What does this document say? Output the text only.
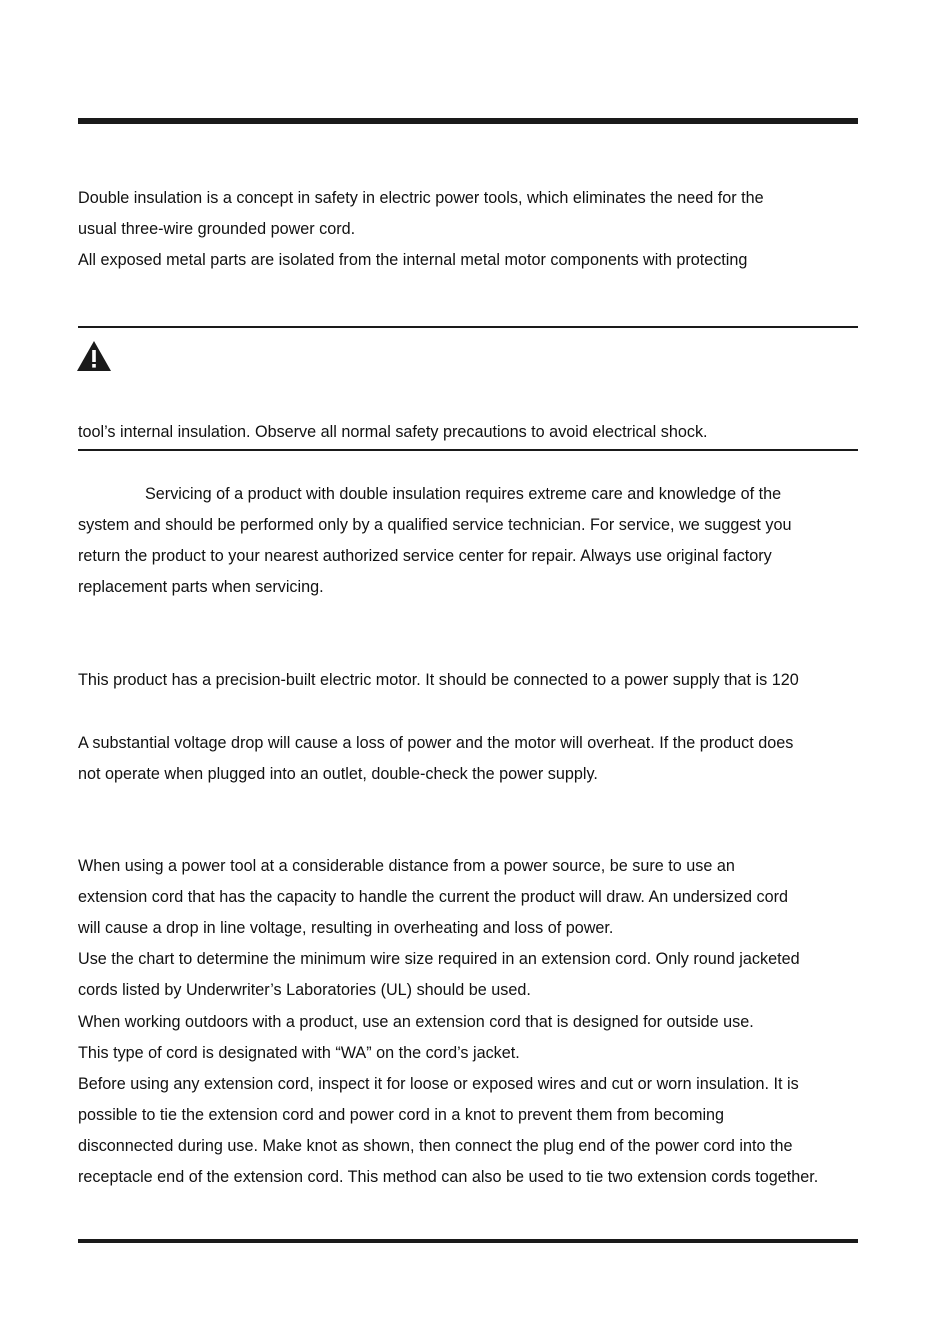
Double insulation is a concept in safety in electric power tools, which eliminates the need for the
usual three-wire grounded power cord.
All exposed metal parts are isolated from the internal metal motor components with protecting
tool’s internal insulation. Observe all normal safety precautions to avoid electrical shock.
Servicing of a product with double insulation requires extreme care and knowledge of the
system and should be performed only by a qualified service technician. For service, we suggest you
return the product to your nearest authorized service center for repair. Always use original factory
replacement parts when servicing.
This product has a precision-built electric motor. It should be connected to a power supply that is 120
A substantial voltage drop will cause a loss of power and the motor will overheat. If the product does
not operate when plugged into an outlet, double-check the power supply.
When using a power tool at a considerable distance from a power source, be sure to use an
extension cord that has the capacity to handle the current the product will draw. An undersized cord
will cause a drop in line voltage, resulting in overheating and loss of power.
Use the chart to determine the minimum wire size required in an extension cord. Only round jacketed
cords listed by Underwriter’s Laboratories (UL) should be used.
When working outdoors with a product, use an extension cord that is designed for outside use.
This type of cord is designated with “WA” on the cord’s jacket.
Before using any extension cord, inspect it for loose or exposed wires and cut or worn insulation. It is
possible to tie the extension cord and power cord in a knot to prevent them from becoming
disconnected during use. Make knot as shown, then connect the plug end of the power cord into the
receptacle end of the extension cord. This method can also be used to tie two extension cords together.
